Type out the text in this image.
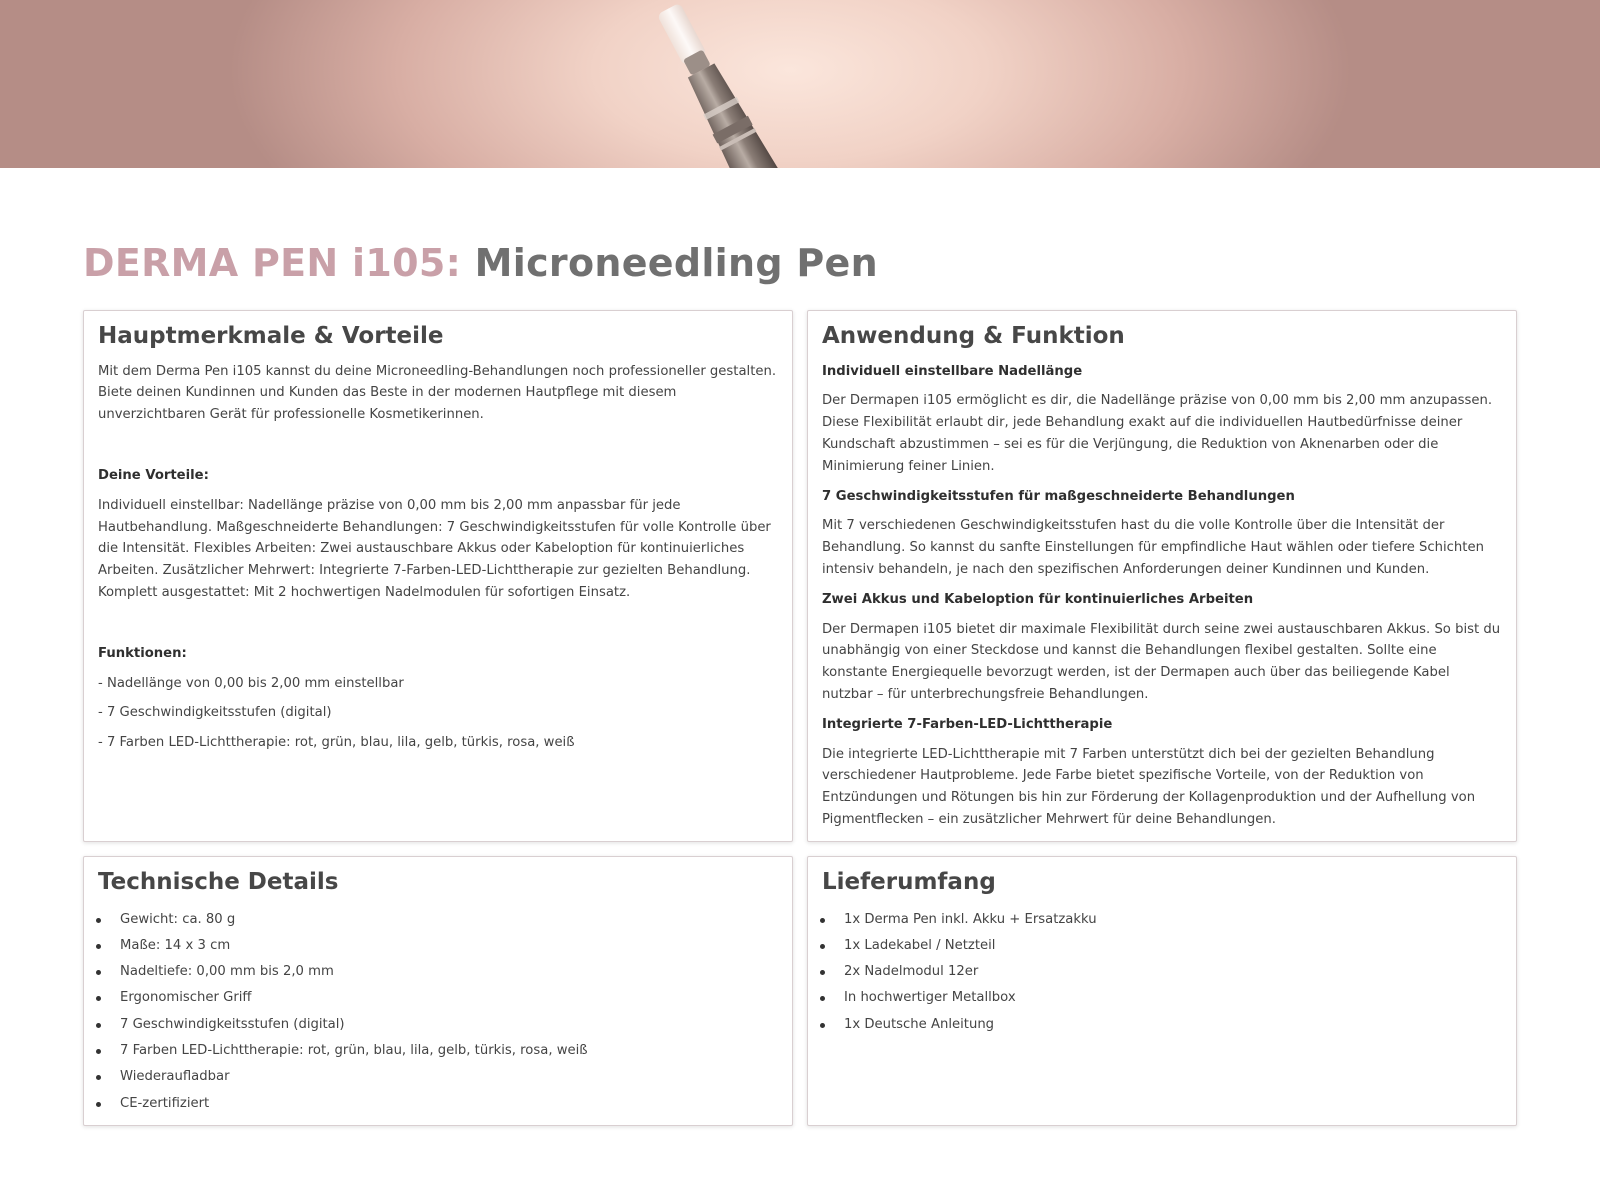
DERMA PEN i105: Microneedling Pen
Hauptmerkmale & Vorteile

Mit dem Derma Pen i105 kannst du deine Microneedling-Behandlungen noch professioneller gestalten. Biete deinen Kundinnen und Kunden das Beste in der modernen Hautpflege mit diesem unverzichtbaren Gerät für professionelle Kosmetikerinnen.

Deine Vorteile:

Individuell einstellbar: Nadellänge präzise von 0,00 mm bis 2,00 mm anpassbar für jede Hautbehandlung. Maßgeschneiderte Behandlungen: 7 Geschwindigkeitsstufen für volle Kontrolle über die Intensität. Flexibles Arbeiten: Zwei austauschbare Akkus oder Kabeloption für kontinuierliches Arbeiten. Zusätzlicher Mehrwert: Integrierte 7-Farben-LED-Lichttherapie zur gezielten Behandlung. Komplett ausgestattet: Mit 2 hochwertigen Nadelmodulen für sofortigen Einsatz.

Funktionen:

- Nadellänge von 0,00 bis 2,00 mm einstellbar

- 7 Geschwindigkeitsstufen (digital)

- 7 Farben LED-Lichttherapie: rot, grün, blau, lila, gelb, türkis, rosa, weiß

Anwendung & Funktion

Individuell einstellbare Nadellänge

Der Dermapen i105 ermöglicht es dir, die Nadellänge präzise von 0,00 mm bis 2,00 mm anzupassen. Diese Flexibilität erlaubt dir, jede Behandlung exakt auf die individuellen Hautbedürfnisse deiner Kundschaft abzustimmen – sei es für die Verjüngung, die Reduktion von Aknenarben oder die Minimierung feiner Linien.

7 Geschwindigkeitsstufen für maßgeschneiderte Behandlungen

Mit 7 verschiedenen Geschwindigkeitsstufen hast du die volle Kontrolle über die Intensität der Behandlung. So kannst du sanfte Einstellungen für empfindliche Haut wählen oder tiefere Schichten intensiv behandeln, je nach den spezifischen Anforderungen deiner Kundinnen und Kunden.

Zwei Akkus und Kabeloption für kontinuierliches Arbeiten

Der Dermapen i105 bietet dir maximale Flexibilität durch seine zwei austauschbaren Akkus. So bist du unabhängig von einer Steckdose und kannst die Behandlungen flexibel gestalten. Sollte eine konstante Energiequelle bevorzugt werden, ist der Dermapen auch über das beiliegende Kabel nutzbar – für unterbrechungsfreie Behandlungen.

Integrierte 7-Farben-LED-Lichttherapie

Die integrierte LED-Lichttherapie mit 7 Farben unterstützt dich bei der gezielten Behandlung verschiedener Hautprobleme. Jede Farbe bietet spezifische Vorteile, von der Reduktion von Entzündungen und Rötungen bis hin zur Förderung der Kollagenproduktion und der Aufhellung von Pigmentflecken – ein zusätzlicher Mehrwert für deine Behandlungen.

Technische Details
Gewicht: ca. 80 g
Maße: 14 x 3 cm
Nadeltiefe: 0,00 mm bis 2,0 mm
Ergonomischer Griff
7 Geschwindigkeitsstufen (digital)
7 Farben LED-Lichttherapie: rot, grün, blau, lila, gelb, türkis, rosa, weiß
Wiederaufladbar
CE-zertifiziert
Lieferumfang
1x Derma Pen inkl. Akku + Ersatzakku
1x Ladekabel / Netzteil
2x Nadelmodul 12er
In hochwertiger Metallbox
1x Deutsche Anleitung
